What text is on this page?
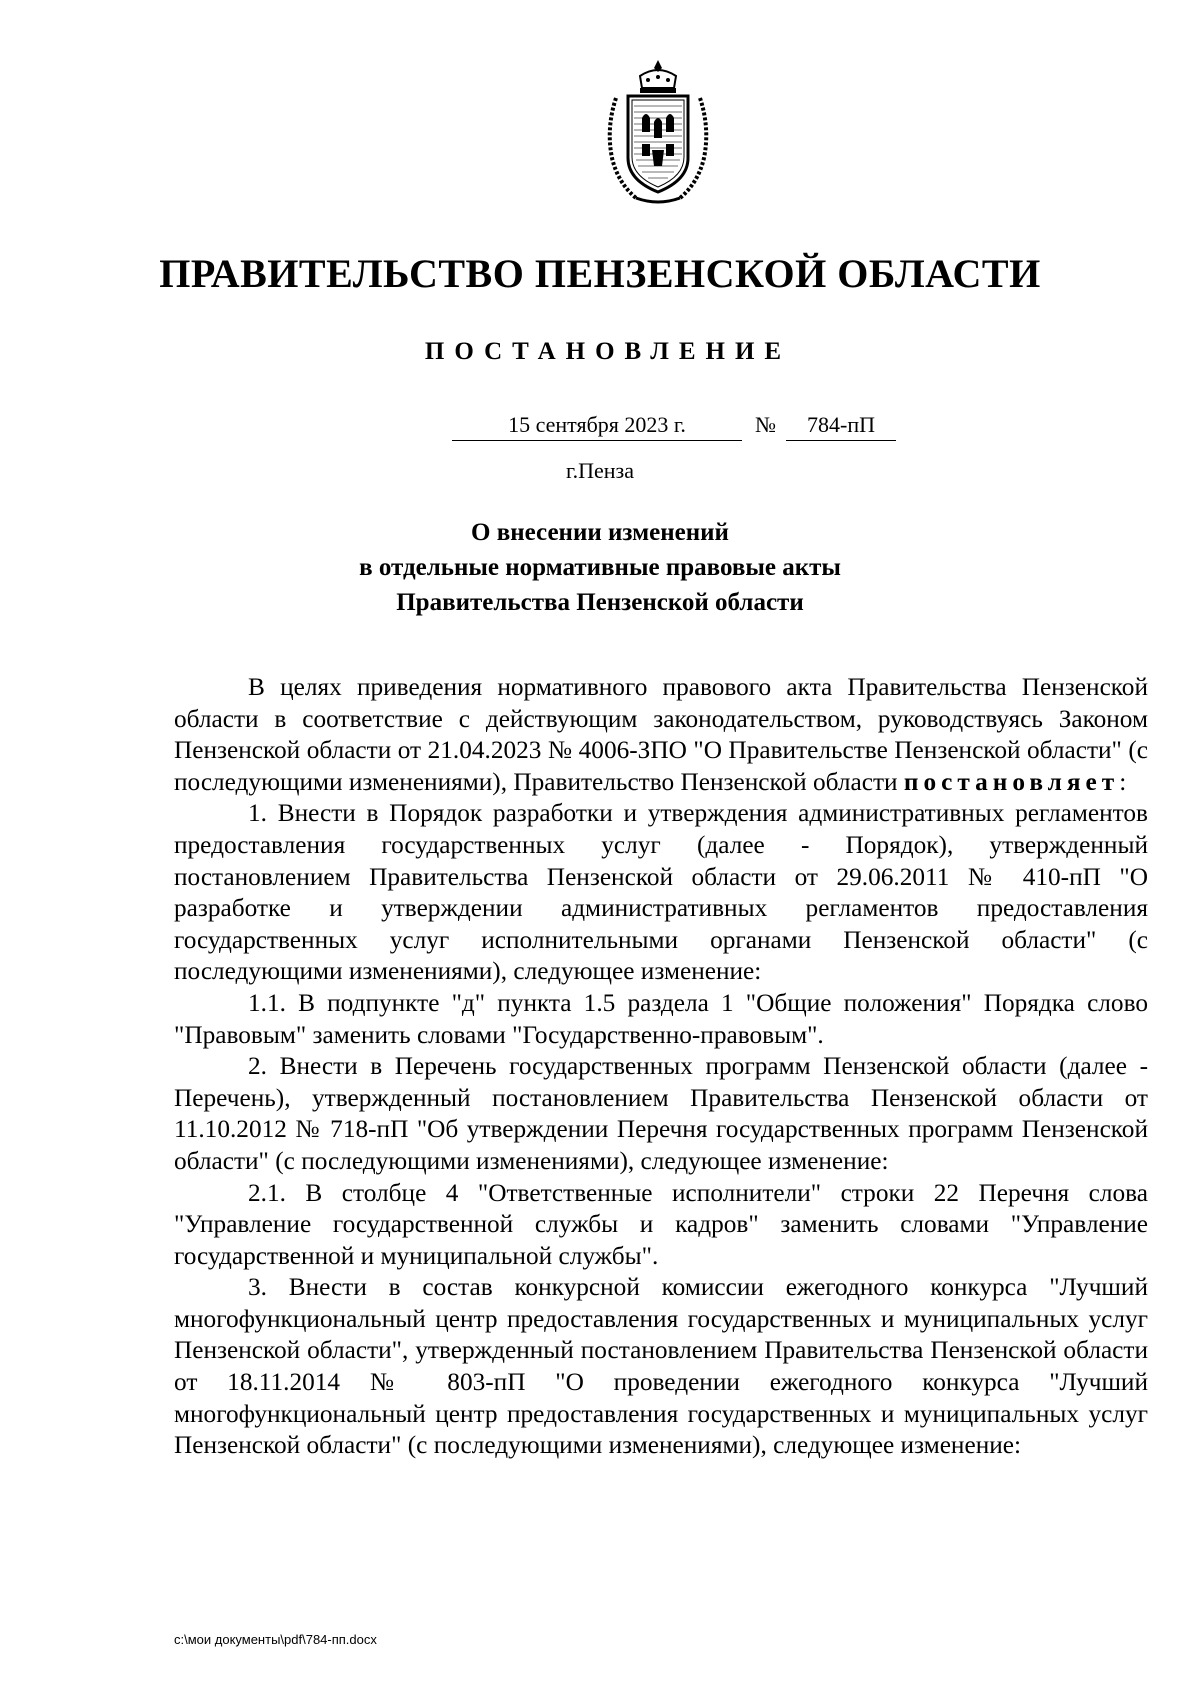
ПРАВИТЕЛЬСТВО ПЕНЗЕНСКОЙ ОБЛАСТИ
ПОСТАНОВЛЕНИЕ
15 сентября 2023 г.	№	784-пП
г.Пенза
О внесении изменений
в отдельные нормативные правовые акты
Правительства Пензенской области

В целях приведения нормативного правового акта Правительства Пензенской области в соответствие с действующим законодательством, руководствуясь Законом Пензенской области от 21.04.2023 № 4006-ЗПО "О Правительстве Пензенской области" (с последующими изменениями), Правительство Пензенской области постановляет:

1. Внести в Порядок разработки и утверждения административных регламентов предоставления государственных услуг (далее - Порядок), утвержденный постановлением Правительства Пензенской области от 29.06.2011 № 410-пП "О разработке и утверждении административных регламентов предоставления государственных услуг исполнительными органами Пензенской области" (с последующими изменениями), следующее изменение:

1.1. В подпункте "д" пункта 1.5 раздела 1 "Общие положения" Порядка слово "Правовым" заменить словами "Государственно-правовым".

2. Внести в Перечень государственных программ Пензенской области (далее - Перечень), утвержденный постановлением Правительства Пензенской области от 11.10.2012 № 718-пП "Об утверждении Перечня государственных программ Пензенской области" (с последующими изменениями), следующее изменение:

2.1. В столбце 4 "Ответственные исполнители" строки 22 Перечня слова "Управление государственной службы и кадров" заменить словами "Управление государственной и муниципальной службы".

3. Внести в состав конкурсной комиссии ежегодного конкурса "Лучший многофункциональный центр предоставления государственных и муниципальных услуг Пензенской области", утвержденный постановлением Правительства Пензенской области от 18.11.2014 № 803-пП "О проведении ежегодного конкурса "Лучший многофункциональный центр предоставления государственных и муниципальных услуг Пензенской области" (с последующими изменениями), следующее изменение:

c:\мои документы\pdf\784-пп.docx
